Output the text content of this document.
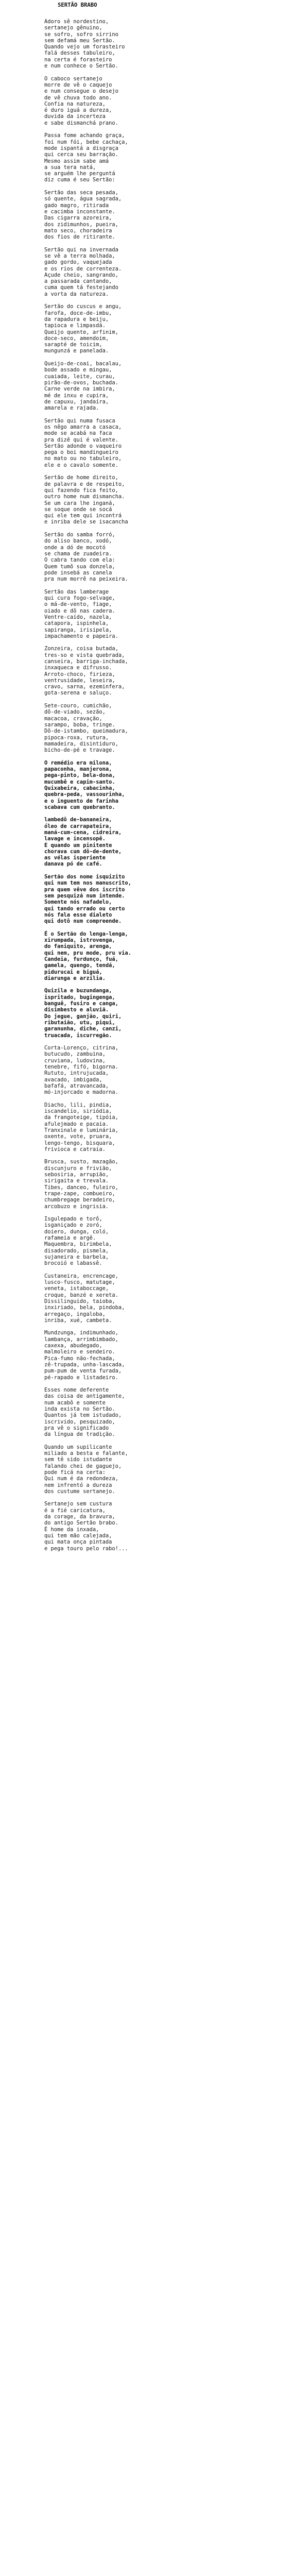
SERTÃO BRABO
Adoro sê nordestino,
sertanejo gênuino,
se sofro, sofro sirrino
sem defamá meu Sertão.
Quando vejo um forasteiro
falá desses tabuleiro,
na certa é forasteiro
e num conhece o Sertão.
O caboco sertanejo
morre de vê o caquejo
e num consegue o desejo
de vê chuva todo ano.
Confia na natureza,
é duro iguá a dureza,
duvida da incerteza
e sabe dismanchá prano.
Passa fome achando graça,
foi num fói, bebe cachaça,
mode ispantá a disgraça
qui cerca seu barração.
Mesmo assim sabe amá
a sua tera natá,
se arguém lhe perguntá
diz cuma é seu Sertão:
Sertão das seca pesada,
só quente, água sagrada,
gado magro, ritirada
e cacimba inconstante.
Das cigarra azoreira,
dos zidimunhos, pueira,
mato seco, choradeira
dos fios de ritirante.
Sertão qui na invernada
se vê a terra molhada,
gado gordo, vaquejada
e os rios de correnteza.
Açude cheio, sangrando,
a passarada cantando,
cuma quem tá festejando
a vorta da natureza.
Sertão do cuscus e angu,
farofa, doce-de-imbu,
da rapadura e beiju,
tapioca e limpasdá.
Queijo quente, arfinim,
doce-seco, amendoim,
sarapté de toicim,
mungunzá e panelada.
Queijo-de-coai, bacalau,
bode assado e mingau,
cuaiada, leite, curau,
pirão-de-ovos, buchada.
Carne verde na imbira,
mé de inxu e cupira,
de capuxu, jandaíra,
amarela e rajada.
Sertão qui numa fusaca
os nêgo amarra a casaca,
mode se acabá na faca
pra dizê qui é valente.
Sertão adonde o vaqueiro
pega o boi mandingueiro
no mato ou no tabuleiro,
ele e o cavalo somente.
Sertão de home direito,
de palavra e de respeito,
qui fazendo fica feito,
outro home num dismancha.
Se um cara lhe inganá,
se soque onde se socá
qui ele tem qui incontrá
e inriba dele se isacancha
Sertão do samba forró,
do aliso banco, xodó,
onde a dó de mocotó
se chama de zuadeira.
O cabra tando com ela:
Quem tumô sua donzela,
pode insebá as canela
pra num morrê na peixeira.
Sertão das lamberage
qui cura fogo-selvage,
o má-de-vento, fiage,
oiado e dô nas cadera.
Ventre-caído, nazela,
catapora, ispinhela,
sapiranga, irisipela,
impachamento e papeira.
Zonzeira, coisa butada,
tres-so e vista quebrada,
canseira, barriga-inchada,
inxaqueca e difrusso.
Arroto-choco, firieza,
ventrusidade, leseira,
cravo, sarna, ezeminfera,
gota-serena e saluço.
Sete-couro, cumichão,
dô-de-viado, sezão,
macacoa, cravação,
sarampo, boba, tringe.
Dô-de-istambo, queimadura,
pipoca-roxa, rutura,
mamadeira, disintiduro,
bicho-de-pé e travage.
O remédio era milona,
papaconha, manjerona,
pega-pinto, bela-dona,
mucumbê e capim-santo.
Quixabeira, cabacinha,
quebra-peda, vassourinha,
e o inguento de farinha
scabava cum quebranto.
lambedô de-bananeira,
óleo de carrapateira,
maná-cum-cena, cidreira,
lavage e incensopê.
E quando um pinitente
chorava cum dô-de-dente,
as vélas isperiente
danava pó de café.
Sertão dos nome isquizito
qui num tem nos manuscrito,
pra quem vêve dos iscrito
sem pesquizá num intende.
Somente nós nafadelo,
qui tando errado ou certo
nós fala esse dialeto
qui dotô num compreende.
É o Sertão do lenga-lenga,
xirumpada, istrovenga,
do faniquito, arenga,
qui nem, pru mode, pru via.
Candeia, furdunço, fuá,
gamela, quengo, tendá,
pidurucai e biguá,
diarunga e arzilia.
Quizila e buzundanga,
ispritado, bugingenga,
banguê, fusiro e canga,
disimbesto e aluviã.
Do jegue, ganjão, quiri,
ributaião, utu, piqui,
garanunha, diche, canzi,
truacada, iscurregão.
Corta-Lorenço, citrina,
butucudo, zambuina,
cruviana, ludovina,
tenebre, fifó, bigorna.
Rututo, intrujucada,
avacado, imbigada,
bafafá, atravancada,
mó-injorcado e madorna.
Diacho, lili, pindia,
iscandelio, siriódia,
da frangoteige, tipóia,
afulejmado e pacaia.
Tranxinale e luminária,
oxente, vote, pruara,
lengo-tengo, bisquara,
frivioca e catraia.
Brusca, susto, mazagão,
discunjuro e frivião,
sebosiria, arrupião,
sirigaita e trevala.
Tibes, danceo, fuleiro,
trape-zape, combueiro,
chumbregage beradeiro,
arcobuzo e ingrisia.
Isgulepado e torô,
isganiçado e zoró,
doiero, dunga, coló,
rafameia e argê.
Maquembra, birimbela,
disadorado, pismela,
sujaneira e barbela,
brocoió e labassê.
Custaneira, encrencage,
lusco-fusco, matutage,
veneta, istaboccage,
croque, banzé e xereta.
Dissilinguido, taioba,
inxiriado, bela, pindoba,
arregaço, ingaloba,
inriba, xué, cambeta.
Mundzunga, indimunhado,
lambança, arrimbimbado,
caxexa, abudegado,
malmoleiro e sendeiro.
Pica-fumo não-fechada,
zê-trupada, unha-lascada,
pum-pum de venta furada,
pé-rapado e listadeiro.
Esses nome deferente
das coisa de antigamente,
num acabô e somente
inda exista no Sertão.
Quantos já tem istudado,
iscrivido, pesquizado,
pra vê o significado
da língua de tradição.
Quando um supilicante
miliado a besta e falante,
sem tê sido istudante
falando chei de gaguejo,
pode ficá na certa:
Qui num é da redondeza,
nem infrentó a dureza
dos custume sertanejo.
Sertanejo sem custura
é a fié caricatura,
da corage, da bravura,
do antigo Sertão brabo.
É home da inxada,
qui tem mão calejada,
qui mata onça pintada
e pega touro pelo rabo!...
